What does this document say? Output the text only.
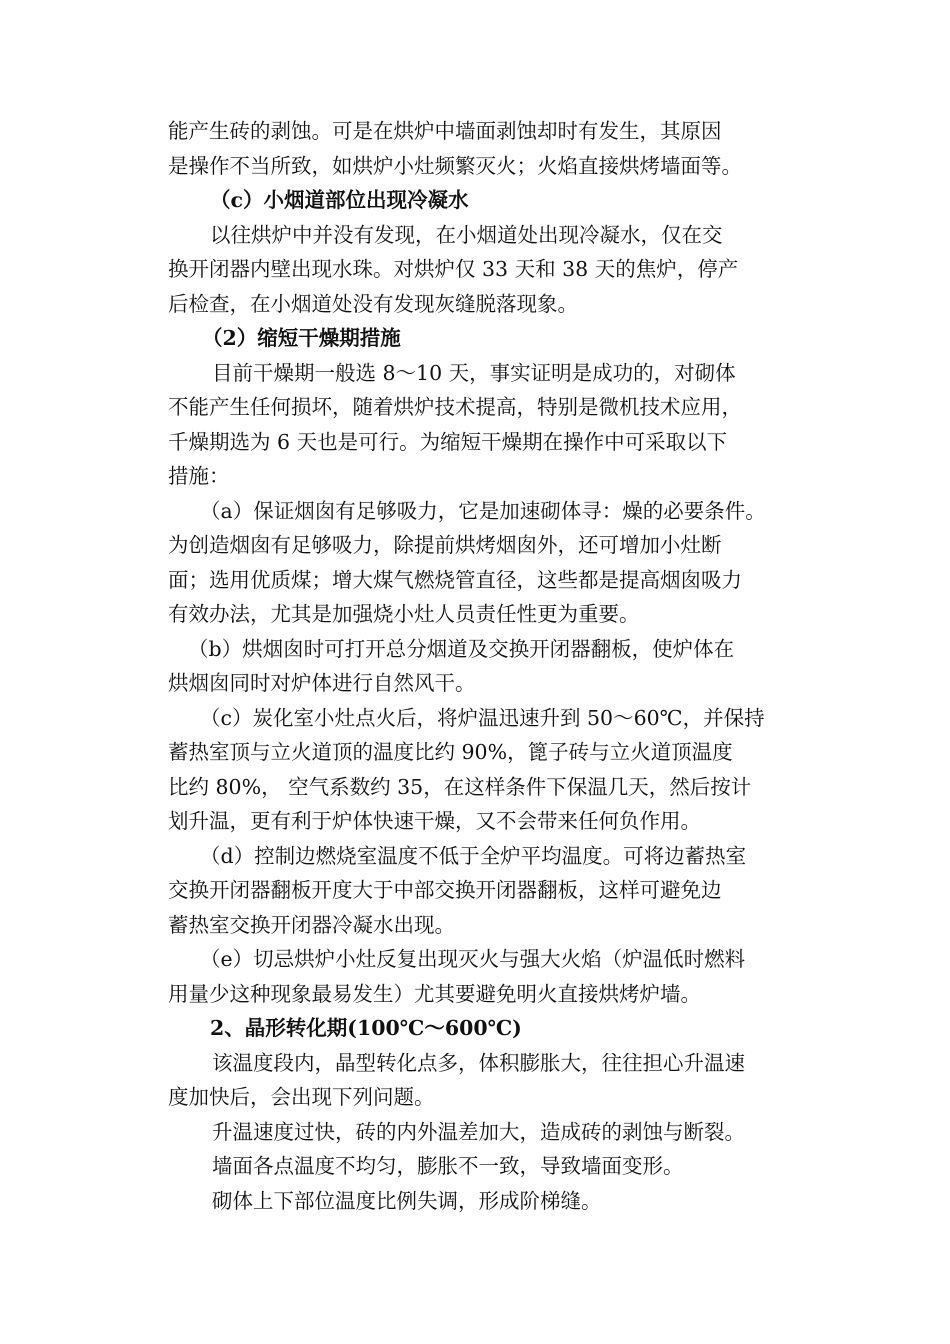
能产生砖的剥蚀。可是在烘炉中墙面剥蚀却时有发生，其原因
是操作不当所致，如烘炉小灶频繁灭火；火焰直接烘烤墙面等。
（c）小烟道部位出现冷凝水
以往烘炉中并没有发现，在小烟道处出现冷凝水，仅在交
换开闭器内壁出现水珠。对烘炉仅 33 天和 38 天的焦炉，停产
后检查，在小烟道处没有发现灰缝脱落现象。
（2）缩短干燥期措施
目前干燥期一般选 8～10 天，事实证明是成功的，对砌体
不能产生任何损坏，随着烘炉技术提高，特别是微机技术应用，
千燥期选为 6 天也是可行。为缩短干燥期在操作中可采取以下
措施：
（a）保证烟囱有足够吸力，它是加速砌体寻：燥的必要条件。
为创造烟囱有足够吸力，除提前烘烤烟囱外，还可增加小灶断
面；选用优质煤；增大煤气燃烧管直径，这些都是提高烟囱吸力
有效办法，尤其是加强烧小灶人员责任性更为重要。
（b）烘烟囱时可打开总分烟道及交换开闭器翻板，使炉体在
烘烟囱同时对炉体进行自然风干。
（c）炭化室小灶点火后，将炉温迅速升到 50～60℃，并保持
蓄热室顶与立火道顶的温度比约 90%，篦子砖与立火道顶温度
比约 80%， 空气系数约 35，在这样条件下保温几天，然后按计
划升温，更有利于炉体快速干燥，又不会带来任何负作用。
（d）控制边燃烧室温度不低于全炉平均温度。可将边蓄热室
交换开闭器翻板开度大于中部交换开闭器翻板，这样可避免边
蓄热室交换开闭器冷凝水出现。
（e）切忌烘炉小灶反复出现灭火与强大火焰（炉温低时燃料
用量少这种现象最易发生）尤其要避免明火直接烘烤炉墙。
2、晶形转化期(100℃～600℃)
该温度段内，晶型转化点多，体积膨胀大，往往担心升温速
度加快后，会出现下列问题。
升温速度过快，砖的内外温差加大，造成砖的剥蚀与断裂。
墙面各点温度不均匀，膨胀不一致，导致墙面变形。
砌体上下部位温度比例失调，形成阶梯缝。
